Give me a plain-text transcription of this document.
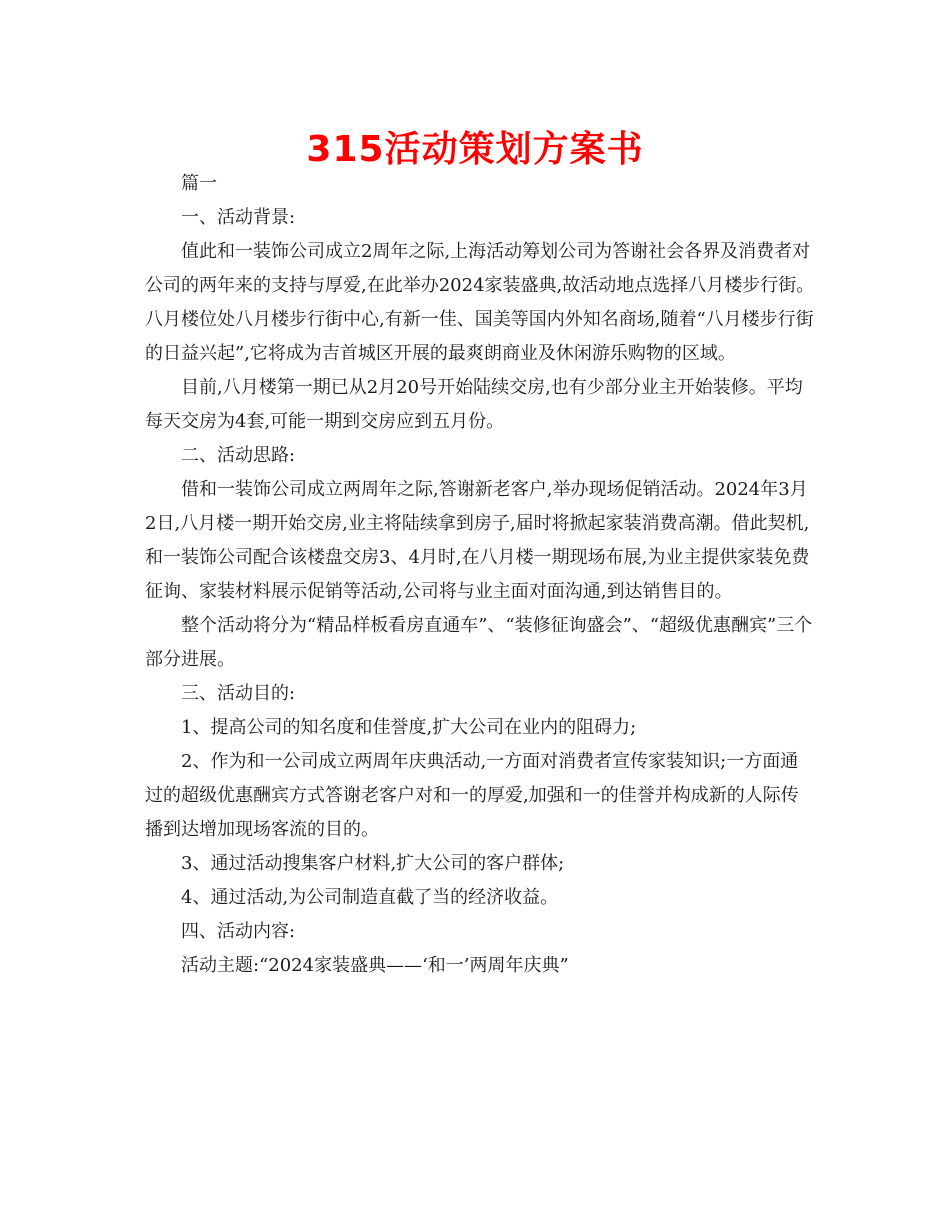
315活动策划方案书

篇一

一、活动背景:

值此和一装饰公司成立2周年之际,上海活动筹划公司为答谢社会各界及消费者对公司的两年来的支持与厚爱,在此举办2024家装盛典,故活动地点选择八月楼步行街。八月楼位处八月楼步行街中心,有新一佳、国美等国内外知名商场,随着“八月楼步行街的日益兴起”,它将成为吉首城区开展的最爽朗商业及休闲游乐购物的区域。

目前,八月楼第一期已从2月20号开始陆续交房,也有少部分业主开始装修。平均每天交房为4套,可能一期到交房应到五月份。

二、活动思路:

借和一装饰公司成立两周年之际,答谢新老客户,举办现场促销活动。2024年3月2日,八月楼一期开始交房,业主将陆续拿到房子,届时将掀起家装消费高潮。借此契机,和一装饰公司配合该楼盘交房3、4月时,在八月楼一期现场布展,为业主提供家装免费征询、家装材料展示促销等活动,公司将与业主面对面沟通,到达销售目的。

整个活动将分为“精品样板看房直通车”、“装修征询盛会”、“超级优惠酬宾”三个部分进展。

三、活动目的:

1、提高公司的知名度和佳誉度,扩大公司在业内的阻碍力;

2、作为和一公司成立两周年庆典活动,一方面对消费者宣传家装知识;一方面通过的超级优惠酬宾方式答谢老客户对和一的厚爱,加强和一的佳誉并构成新的人际传播到达增加现场客流的目的。

3、通过活动搜集客户材料,扩大公司的客户群体;

4、通过活动,为公司制造直截了当的经济收益。

四、活动内容:

活动主题:“2024家装盛典——‘和一’两周年庆典”
